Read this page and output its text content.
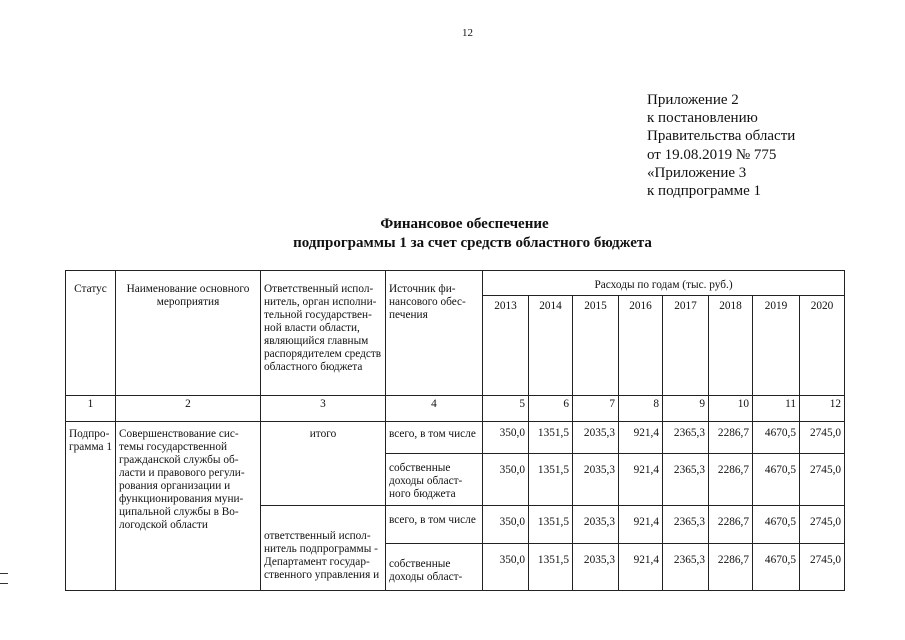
12
Приложение 2
к постановлению
Правительства области
от 19.08.2019 № 775
«Приложение 3
к подпрограмме 1
Финансовое обеспечение
подпрограммы 1 за счет средств областного бюджета
Статус	Наименование основного мероприятия	Ответственный испол-нитель, орган исполни-тельной государствен-ной власти области, являющийся главным распорядителем средств областного бюджета	Источник фи-нансового обес-печения	Расходы по годам (тыс. руб.)							
				2013	2014	2015	2016	2017	2018	2019	2020
1	2	3	4	5	6	7	8	9	10	11	12
Подпро-грамма 1	Совершенствование сис-темы государственной гражданской службы об-ласти и правового регули-рования организации и функционирования муни-ципальной службы в Во-логодской области	итого	всего, в том числе	350,0	1351,5	2035,3	921,4	2365,3	2286,7	4670,5	2745,0
			собственные доходы област-ного бюджета	350,0	1351,5	2035,3	921,4	2365,3	2286,7	4670,5	2745,0
		ответственный испол-нитель подпрограммы - Департамент государ-ственного управления и	всего, в том числе	350,0	1351,5	2035,3	921,4	2365,3	2286,7	4670,5	2745,0
			собственные доходы област-	350,0	1351,5	2035,3	921,4	2365,3	2286,7	4670,5	2745,0
